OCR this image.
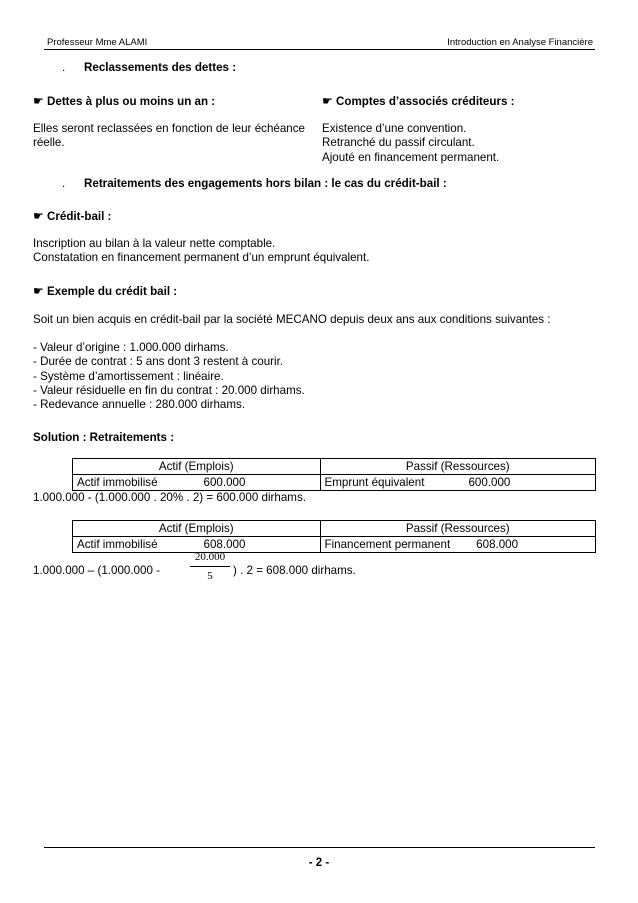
Professeur Mme ALAMI	Introduction en Analyse Financière
. Reclassements des dettes :
☛ Dettes à plus ou moins un an :
Elles seront reclassées en fonction de leur échéance réelle.
☛ Comptes d’associés créditeurs :
Existence d’une convention.
Retranché du passif circulant.
Ajouté en financement permanent.
. Retraitements des engagements hors bilan : le cas du crédit-bail :
☛ Crédit-bail :
Inscription au bilan à la valeur nette comptable.
Constatation en financement permanent d’un emprunt équivalent.
☛ Exemple du crédit bail :
Soit un bien acquis en crédit-bail par la société MECANO depuis deux ans aux conditions suivantes :
- Valeur d’origine : 1.000.000 dirhams.
- Durée de contrat : 5 ans dont 3 restent à courir.
- Système d’amortissement : linéaire.
- Valeur résiduelle en fin du contrat : 20.000 dirhams.
- Redevance annuelle : 280.000 dirhams.
Solution : Retraitements :
Actif (Emplois)	Passif (Ressources)
Actif immobilisé 600.000	Emprunt équivalent 600.000
1.000.000 - (1.000.000 . 20% . 2) = 600.000 dirhams.
Actif (Emplois)	Passif (Ressources)
Actif immobilisé 608.000	Financement permanent 608.000
1.000.000 – (1.000.000 -	$\frac{20.000}{5}$ ) . 2 = 608.000 dirhams.
- 2 -
